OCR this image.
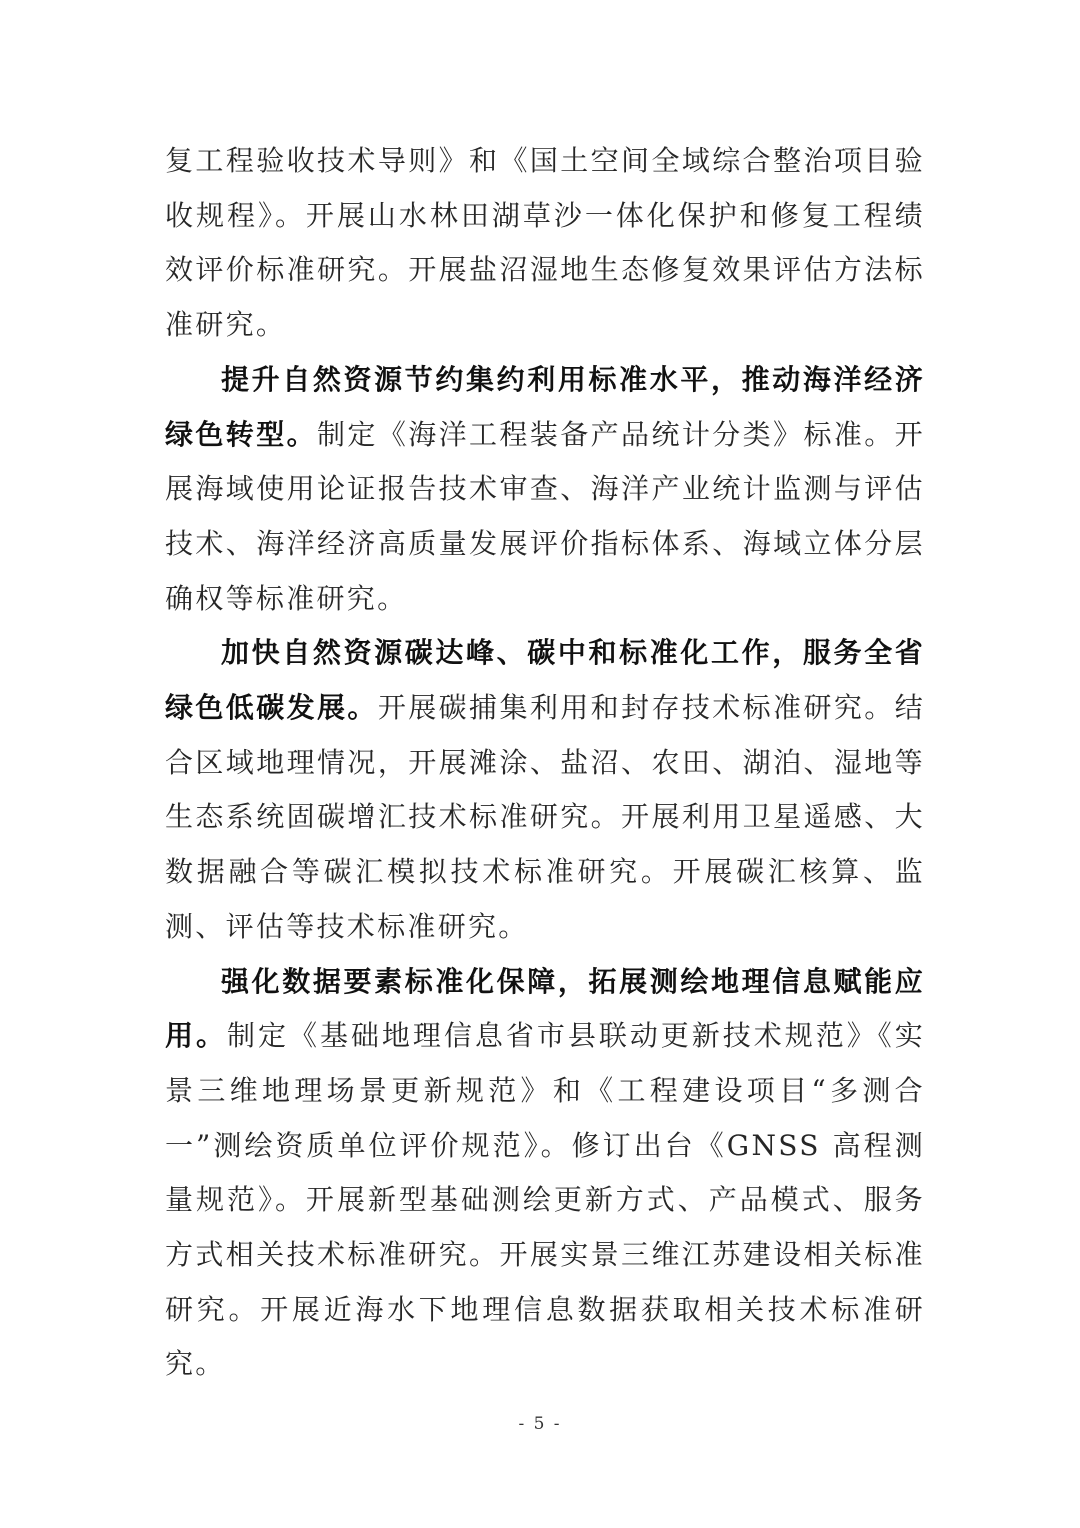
复工程验收技术导则》和《国土空间全域综合整治项目验收规程》。开展山水林田湖草沙一体化保护和修复工程绩效评价标准研究。开展盐沼湿地生态修复效果评估方法标准研究。

提升自然资源节约集约利用标准水平，推动海洋经济绿色转型。制定《海洋工程装备产品统计分类》标准。开展海域使用论证报告技术审查、海洋产业统计监测与评估技术、海洋经济高质量发展评价指标体系、海域立体分层确权等标准研究。

加快自然资源碳达峰、碳中和标准化工作，服务全省绿色低碳发展。开展碳捕集利用和封存技术标准研究。结合区域地理情况，开展滩涂、盐沼、农田、湖泊、湿地等生态系统固碳增汇技术标准研究。开展利用卫星遥感、大数据融合等碳汇模拟技术标准研究。开展碳汇核算、监测、评估等技术标准研究。

强化数据要素标准化保障，拓展测绘地理信息赋能应用。制定《基础地理信息省市县联动更新技术规范》《实景三维地理场景更新规范》和《工程建设项目“多测合一”测绘资质单位评价规范》。修订出台《GNSS 高程测量规范》。开展新型基础测绘更新方式、产品模式、服务方式相关技术标准研究。开展实景三维江苏建设相关标准研究。开展近海水下地理信息数据获取相关技术标准研究。

- 5 -
